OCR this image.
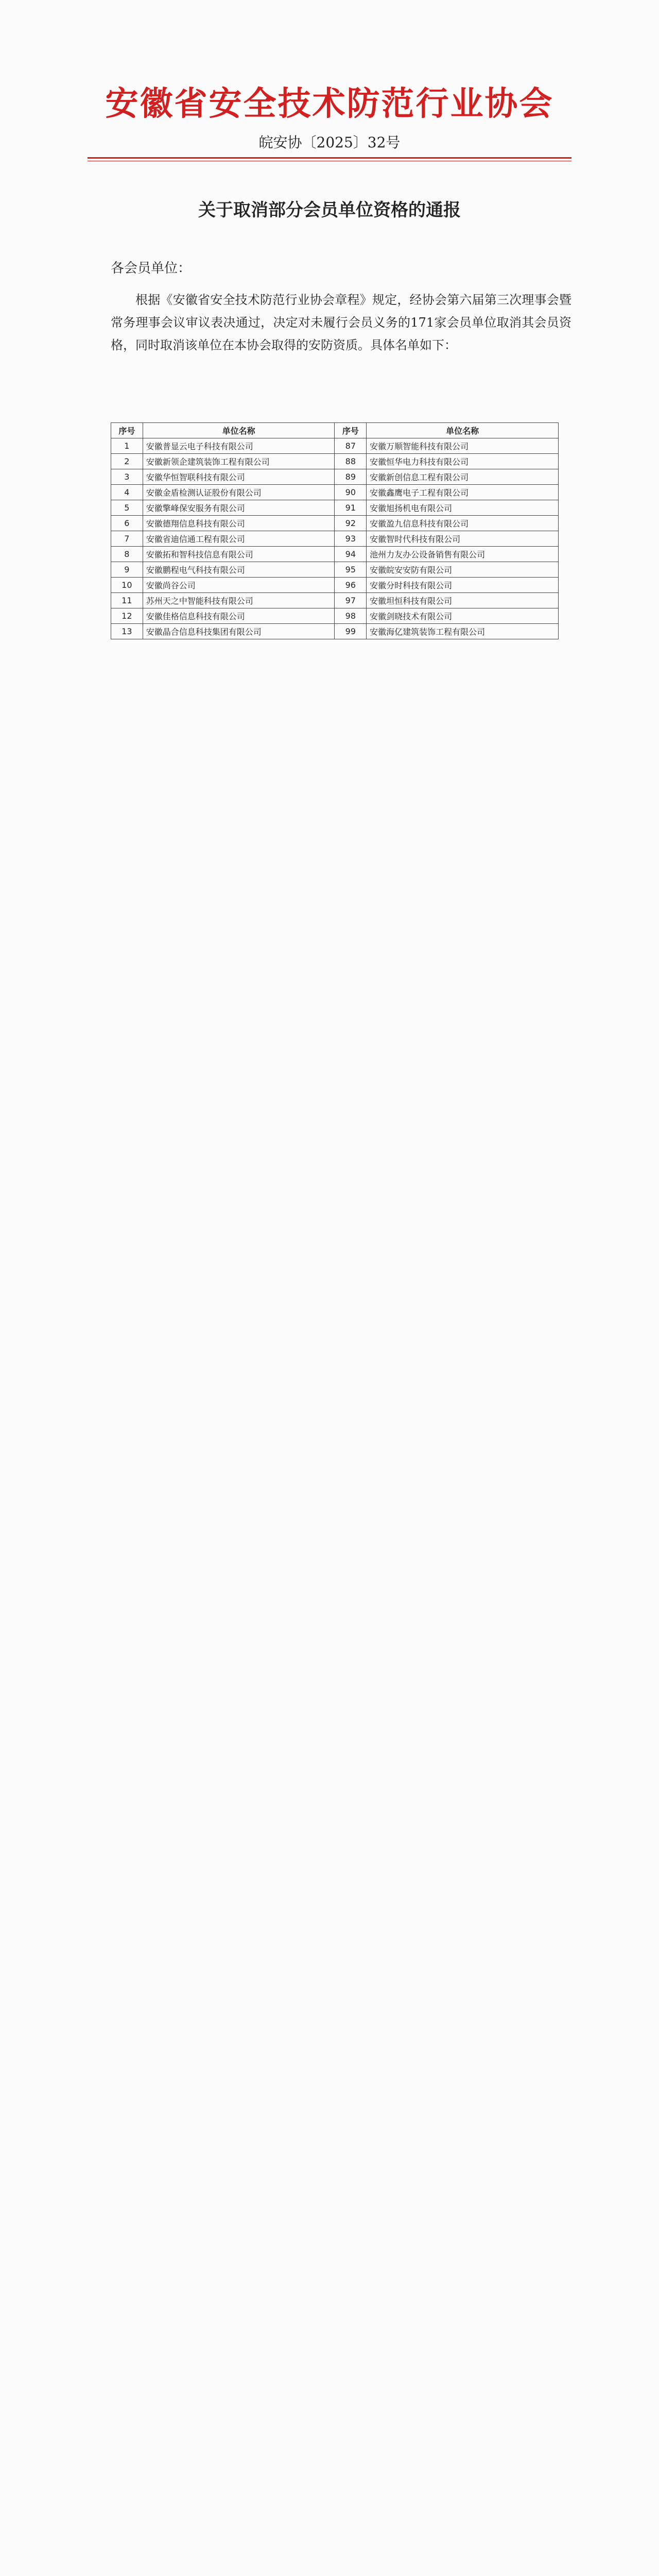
安徽省安全技术防范行业协会
皖安协〔2025〕32号
关于取消部分会员单位资格的通报
各会员单位：
根据《安徽省安全技术防范行业协会章程》规定，经协会第六届第三次理事会暨常务理事会议审议表决通过，决定对未履行会员义务的171家会员单位取消其会员资格，同时取消该单位在本协会取得的安防资质。具体名单如下：
序号	单位名称	序号	单位名称
1	安徽普显云电子科技有限公司	87	安徽万顺智能科技有限公司
2	安徽新领企建筑装饰工程有限公司	88	安徽恒华电力科技有限公司
3	安徽华恒智联科技有限公司	89	安徽新创信息工程有限公司
4	安徽金盾检测认证股份有限公司	90	安徽鑫鹰电子工程有限公司
5	安徽擎峰保安服务有限公司	91	安徽旭扬机电有限公司
6	安徽德翔信息科技有限公司	92	安徽盈九信息科技有限公司
7	安徽省迪信通工程有限公司	93	安徽智时代科技有限公司
8	安徽拓和智科技信息有限公司	94	池州力友办公设备销售有限公司
9	安徽鹏程电气科技有限公司	95	安徽皖安安防有限公司
10	安徽尚谷公司	96	安徽分时科技有限公司
11	苏州天之中智能科技有限公司	97	安徽坦恒科技有限公司
12	安徽佳格信息科技有限公司	98	安徽剑晓技术有限公司
13	安徽晶合信息科技集团有限公司	99	安徽海亿建筑装饰工程有限公司
